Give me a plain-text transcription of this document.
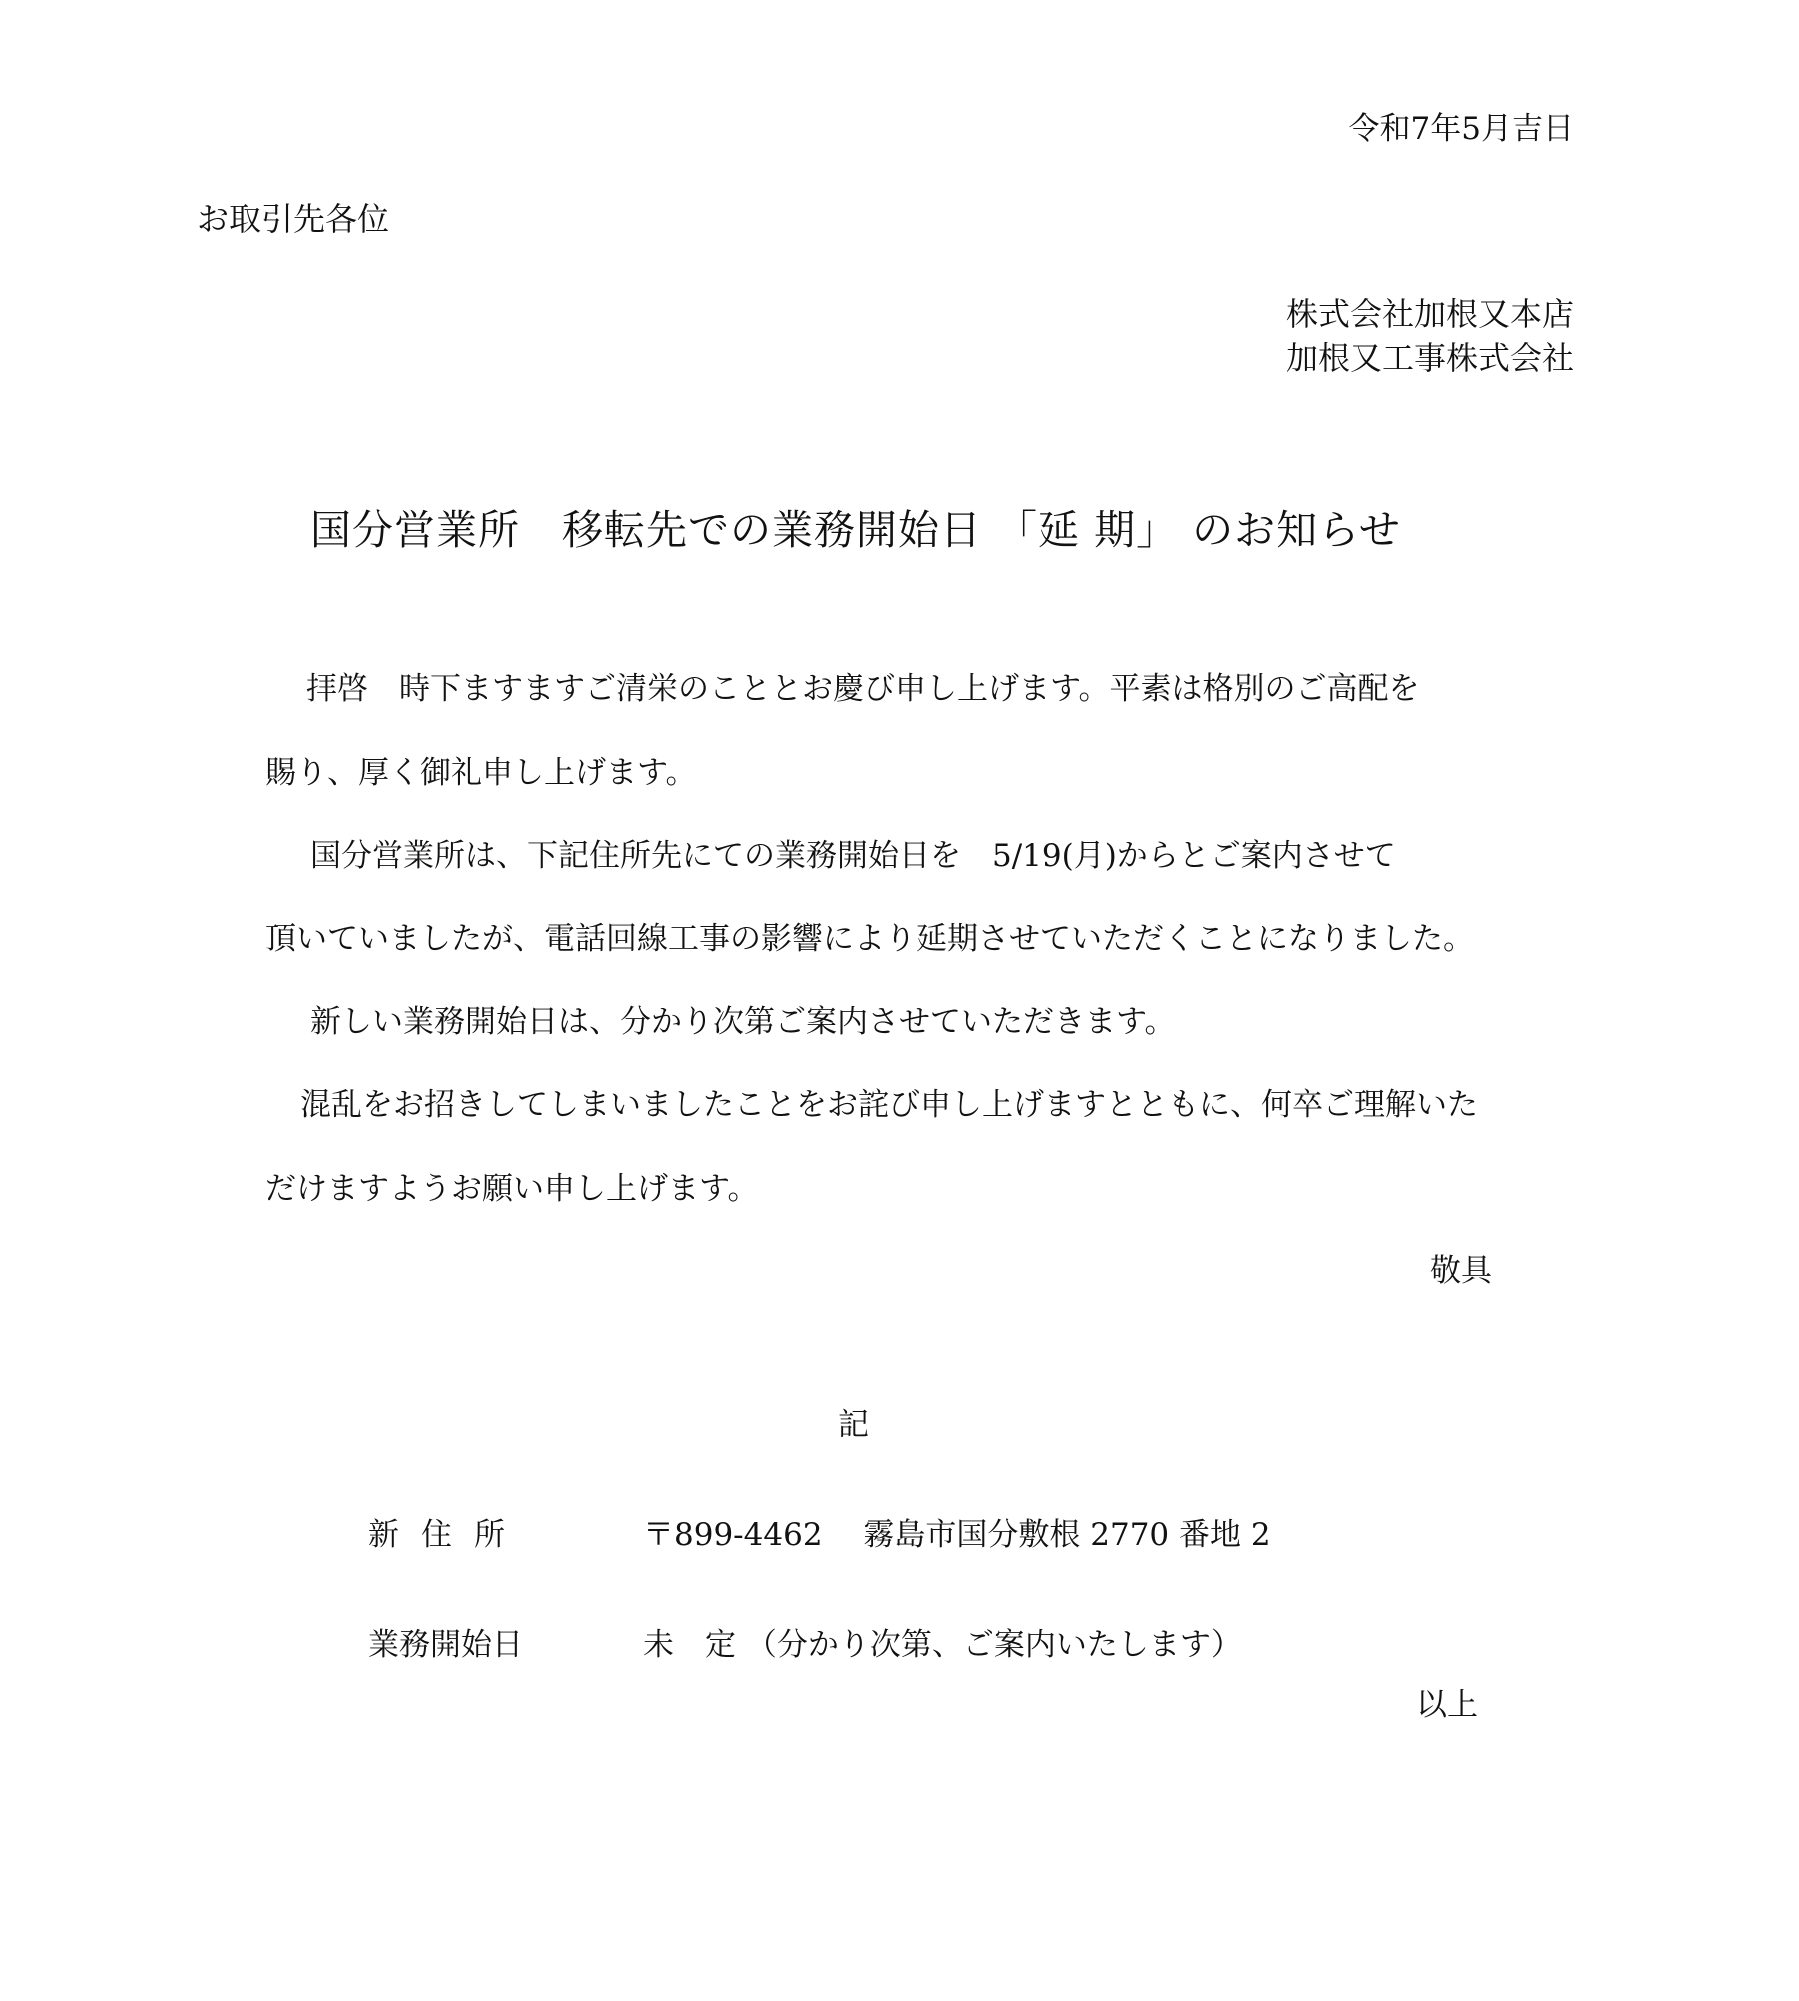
令和7年5月吉日
お取引先各位
株式会社加根又本店
加根又工事株式会社
国分営業所　移転先での業務開始日 「延 期」 のお知らせ
拝啓　時下ますますご清栄のこととお慶び申し上げます。平素は格別のご高配を
賜り、厚く御礼申し上げます。
国分営業所は、下記住所先にての業務開始日を　5/19(月)からとご案内させて
頂いていましたが、電話回線工事の影響により延期させていただくことになりました。
新しい業務開始日は、分かり次第ご案内させていただきます。
混乱をお招きしてしまいましたことをお詫び申し上げますとともに、何卒ご理解いた
だけますようお願い申し上げます。
敬具
記
新住所	〒899-4462　 霧島市国分敷根 2770 番地 2
業務開始日	未　定 （分かり次第、ご案内いたします）
以上
